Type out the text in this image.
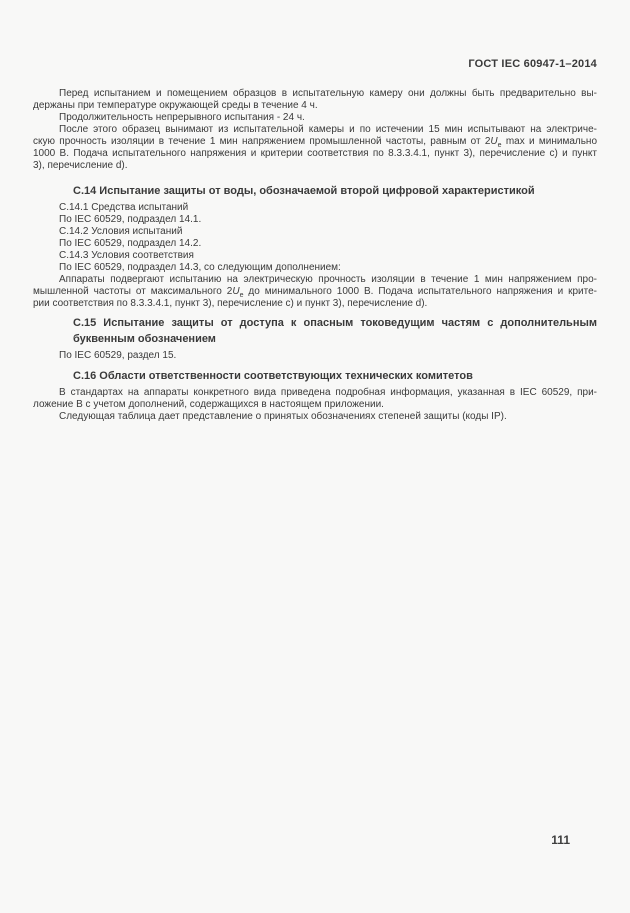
ГОСТ IEC 60947-1–2014
Перед испытанием и помещением образцов в испытательную камеру они должны быть предварительно вы-
держаны при температуре окружающей среды в течение 4 ч.
Продолжительность непрерывного испытания - 24 ч.
После этого образец вынимают из испытательной камеры и по истечении 15 мин испытывают на электриче-
скую прочность изоляции в течение 1 мин напряжением промышленной частоты, равным от $2U_e$ max и минимально
1000 В. Подача испытательного напряжения и критерии соответствия по 8.3.3.4.1, пункт 3), перечисление c) и пункт
3), перечисление d).
С.14 Испытание защиты от воды, обозначаемой второй цифровой характеристикой
С.14.1 Средства испытаний
По IEC 60529, подраздел 14.1.
С.14.2 Условия испытаний
По IEC 60529, подраздел 14.2.
С.14.3 Условия соответствия
По IEC 60529, подраздел 14.3, со следующим дополнением:
Аппараты подвергают испытанию на электрическую прочность изоляции в течение 1 мин напряжением про-
мышленной частоты от максимального $2U_e$ до минимального 1000 В. Подача испытательного напряжения и крите-
рии соответствия по 8.3.3.4.1, пункт 3), перечисление c) и пункт 3), перечисление d).
С.15 Испытание защиты от доступа к опасным токоведущим частям с дополнительным
буквенным обозначением
По IEC 60529, раздел 15.
С.16 Области ответственности соответствующих технических комитетов
В стандартах на аппараты конкретного вида приведена подробная информация, указанная в IEC 60529, при-
ложение В с учетом дополнений, содержащихся в настоящем приложении.
Следующая таблица дает представление о принятых обозначениях степеней защиты (коды IP).
111
